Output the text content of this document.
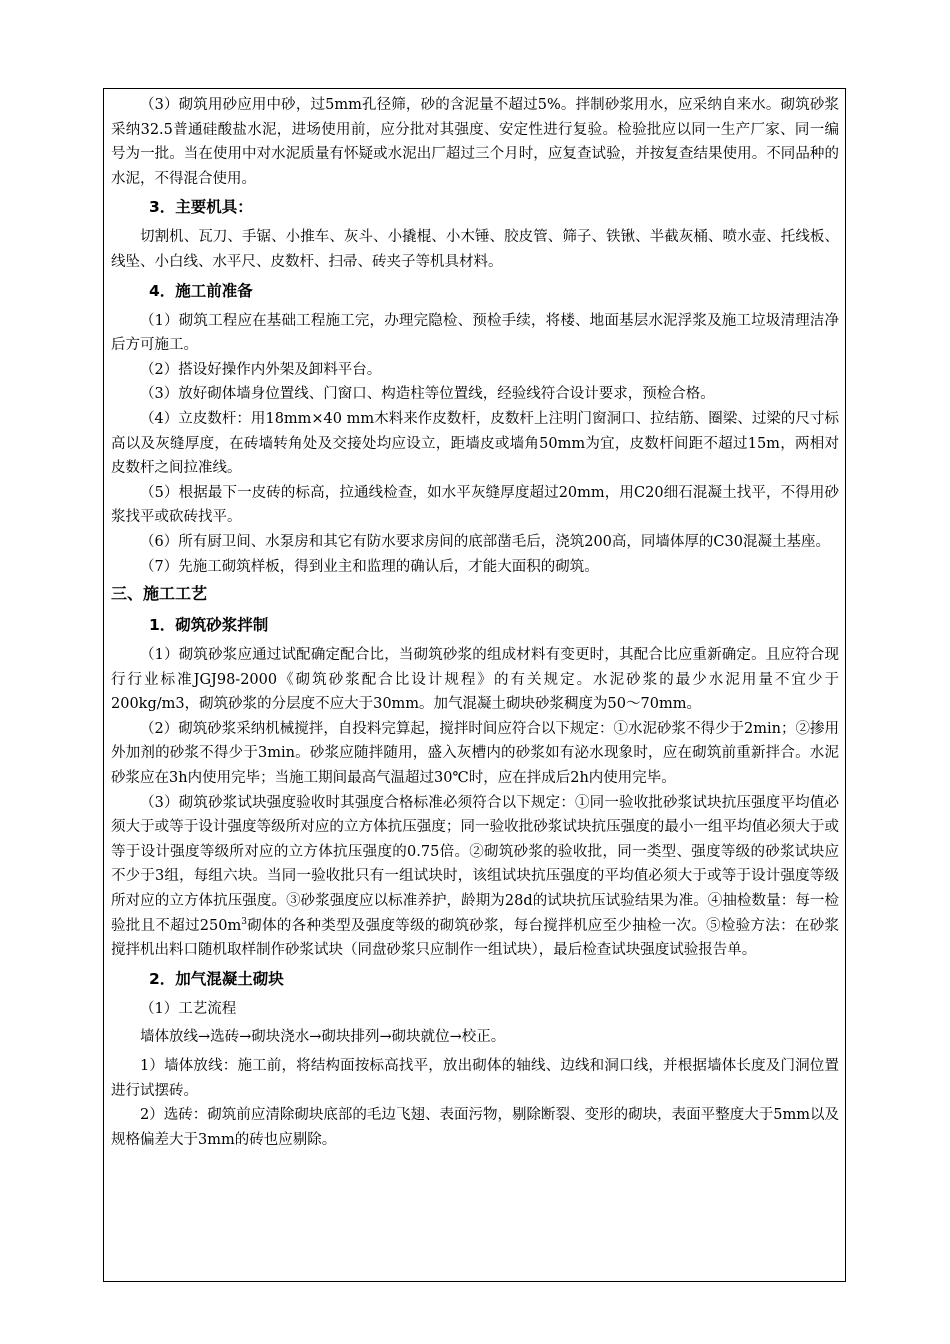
（3）砌筑用砂应用中砂，过5mm孔径筛，砂的含泥量不超过5%。拌制砂浆用水，应采纳自来水。砌筑砂浆采纳32.5普通硅酸盐水泥，进场使用前，应分批对其强度、安定性进行复验。检验批应以同一生产厂家、同一编号为一批。当在使用中对水泥质量有怀疑或水泥出厂超过三个月时，应复查试验，并按复查结果使用。不同品种的水泥，不得混合使用。

3．主要机具：

切割机、瓦刀、手锯、小推车、灰斗、小撬棍、小木锤、胶皮管、筛子、铁锹、半截灰桶、喷水壶、托线板、线坠、小白线、水平尺、皮数杆、扫帚、砖夹子等机具材料。

4．施工前准备

（1）砌筑工程应在基础工程施工完，办理完隐检、预检手续，将楼、地面基层水泥浮浆及施工垃圾清理洁净后方可施工。

（2）搭设好操作内外架及卸料平台。

（3）放好砌体墙身位置线、门窗口、构造柱等位置线，经验线符合设计要求，预检合格。

（4）立皮数杆：用18mm×40 mm木料来作皮数杆，皮数杆上注明门窗洞口、拉结筋、圈梁、过梁的尺寸标高以及灰缝厚度，在砖墙转角处及交接处均应设立，距墙皮或墙角50mm为宜，皮数杆间距不超过15m，两相对皮数杆之间拉准线。

（5）根据最下一皮砖的标高，拉通线检查，如水平灰缝厚度超过20mm，用C20细石混凝土找平，不得用砂浆找平或砍砖找平。

（6）所有厨卫间、水泵房和其它有防水要求房间的底部凿毛后，浇筑200高，同墙体厚的C30混凝土基座。

（7）先施工砌筑样板，得到业主和监理的确认后，才能大面积的砌筑。

三、施工工艺
1．砌筑砂浆拌制

（1）砌筑砂浆应通过试配确定配合比，当砌筑砂浆的组成材料有变更时，其配合比应重新确定。且应符合现行行业标准JGJ98-2000《砌筑砂浆配合比设计规程》的有关规定。水泥砂浆的最少水泥用量不宜少于200kg/m3，砌筑砂浆的分层度不应大于30mm。加气混凝土砌块砂浆稠度为50～70mm。

（2）砌筑砂浆采纳机械搅拌，自投料完算起，搅拌时间应符合以下规定：①水泥砂浆不得少于2min；②掺用外加剂的砂浆不得少于3min。砂浆应随拌随用，盛入灰槽内的砂浆如有泌水现象时，应在砌筑前重新拌合。水泥砂浆应在3h内使用完毕；当施工期间最高气温超过30℃时，应在拌成后2h内使用完毕。

（3）砌筑砂浆试块强度验收时其强度合格标准必须符合以下规定：①同一验收批砂浆试块抗压强度平均值必须大于或等于设计强度等级所对应的立方体抗压强度；同一验收批砂浆试块抗压强度的最小一组平均值必须大于或等于设计强度等级所对应的立方体抗压强度的0.75倍。②砌筑砂浆的验收批，同一类型、强度等级的砂浆试块应不少于3组，每组六块。当同一验收批只有一组试块时，该组试块抗压强度的平均值必须大于或等于设计强度等级所对应的立方体抗压强度。③砂浆强度应以标准养护，龄期为28d的试块抗压试验结果为准。④抽检数量：每一检验批且不超过$250m^3$砌体的各种类型及强度等级的砌筑砂浆，每台搅拌机应至少抽检一次。⑤检验方法：在砂浆搅拌机出料口随机取样制作砂浆试块（同盘砂浆只应制作一组试块），最后检查试块强度试验报告单。

2．加气混凝土砌块

（1）工艺流程

墙体放线→选砖→砌块浇水→砌块排列→砌块就位→校正。

1）墙体放线：施工前，将结构面按标高找平，放出砌体的轴线、边线和洞口线，并根据墙体长度及门洞位置进行试摆砖。

2）选砖：砌筑前应清除砌块底部的毛边飞翅、表面污物，剔除断裂、变形的砌块，表面平整度大于5mm以及规格偏差大于3mm的砖也应剔除。
